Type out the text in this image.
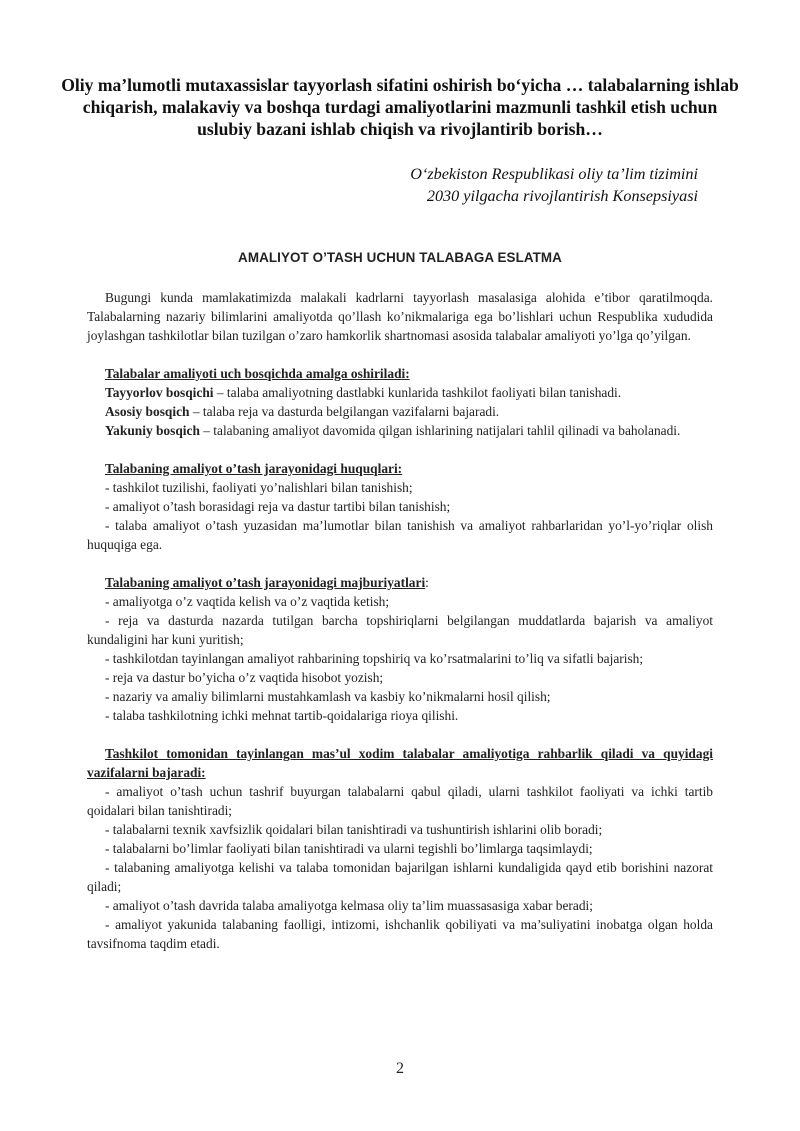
Oliy ma’lumotli mutaxassislar tayyorlash sifatini oshirish bo‘yicha … talabalarning ishlab chiqarish, malakaviy va boshqa turdagi amaliyotlarini mazmunli tashkil etish uchun uslubiy bazani ishlab chiqish va rivojlantirib borish…
O‘zbekiston Respublikasi oliy ta’lim tizimini
2030 yilgacha rivojlantirish Konsepsiyasi
AMALIYOT O’TASH UCHUN TALABAGA ESLATMA

Bugungi kunda mamlakatimizda malakali kadrlarni tayyorlash masalasiga alohida e’tibor qaratilmoqda. Talabalarning nazariy bilimlarini amaliyotda qo’llash ko’nikmalariga ega bo’lishlari uchun Respublika xududida joylashgan tashkilotlar bilan tuzilgan o’zaro hamkorlik shartnomasi asosida talabalar amaliyoti yo’lga qo’yilgan.

Talabalar amaliyoti uch bosqichda amalga oshiriladi:

Tayyorlov bosqichi – talaba amaliyotning dastlabki kunlarida tashkilot faoliyati bilan tanishadi.

Asosiy bosqich – talaba reja va dasturda belgilangan vazifalarni bajaradi.

Yakuniy bosqich – talabaning amaliyot davomida qilgan ishlarining natijalari tahlil qilinadi va baholanadi.

Talabaning amaliyot o’tash jarayonidagi huquqlari:

- tashkilot tuzilishi, faoliyati yo’nalishlari bilan tanishish;

- amaliyot o’tash borasidagi reja va dastur tartibi bilan tanishish;

- talaba amaliyot o’tash yuzasidan ma’lumotlar bilan tanishish va amaliyot rahbarlaridan yo’l-yo’riqlar olish huquqiga ega.

Talabaning amaliyot o’tash jarayonidagi majburiyatlari:

- amaliyotga o’z vaqtida kelish va o’z vaqtida ketish;

- reja va dasturda nazarda tutilgan barcha topshiriqlarni belgilangan muddatlarda bajarish va amaliyot kundaligini har kuni yuritish;

- tashkilotdan tayinlangan amaliyot rahbarining topshiriq va ko’rsatmalarini to’liq va sifatli bajarish;

- reja va dastur bo’yicha o’z vaqtida hisobot yozish;

- nazariy va amaliy bilimlarni mustahkamlash va kasbiy ko’nikmalarni hosil qilish;

- talaba tashkilotning ichki mehnat tartib-qoidalariga rioya qilishi.

Tashkilot tomonidan tayinlangan mas’ul xodim talabalar amaliyotiga rahbarlik qiladi va quyidagi vazifalarni bajaradi:

- amaliyot o’tash uchun tashrif buyurgan talabalarni qabul qiladi, ularni tashkilot faoliyati va ichki tartib qoidalari bilan tanishtiradi;

- talabalarni texnik xavfsizlik qoidalari bilan tanishtiradi va tushuntirish ishlarini olib boradi;

- talabalarni bo’limlar faoliyati bilan tanishtiradi va ularni tegishli bo’limlarga taqsimlaydi;

- talabaning amaliyotga kelishi va talaba tomonidan bajarilgan ishlarni kundaligida qayd etib borishini nazorat qiladi;

- amaliyot o’tash davrida talaba amaliyotga kelmasa oliy ta’lim muassasasiga xabar beradi;

- amaliyot yakunida talabaning faolligi, intizomi, ishchanlik qobiliyati va ma’suliyatini inobatga olgan holda tavsifnoma taqdim etadi.

2
